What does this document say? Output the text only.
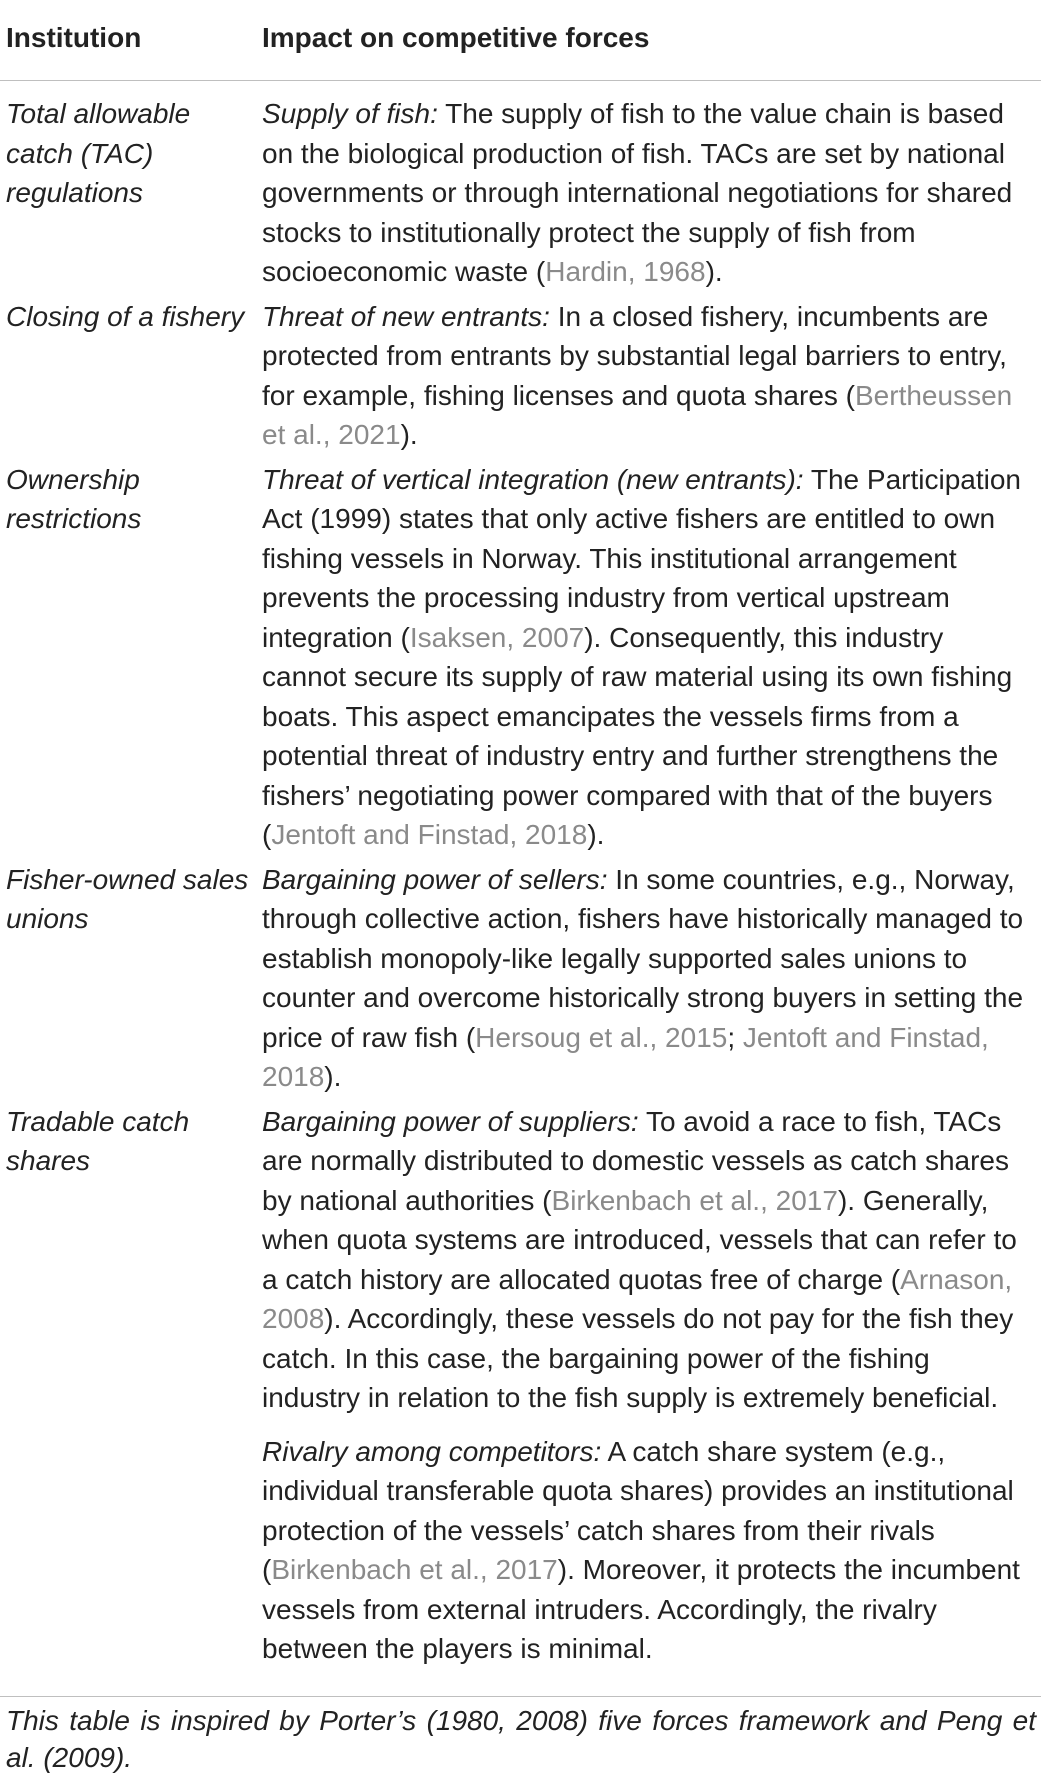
Institution	Impact on competitive forces
Total allowable catch (TAC) regulations
Supply of fish: The supply of fish to the value chain is based on the biological production of fish. TACs are set by national governments or through international negotiations for shared stocks to institutionally protect the supply of fish from socioeconomic waste (Hardin, 1968).
Closing of a fishery Threat of new entrants: In a closed fishery, incumbents are protected from entrants by substantial legal barriers to entry, for example, fishing licenses and quota shares (Bertheussen et al., 2021).
Ownership restrictions
Threat of vertical integration (new entrants): The Participation Act (1999) states that only active fishers are entitled to own fishing vessels in Norway. This institutional arrangement prevents the processing industry from vertical upstream integration (Isaksen, 2007). Consequently, this industry cannot secure its supply of raw material using its own fishing boats. This aspect emancipates the vessels firms from a potential threat of industry entry and further strengthens the fishers’ negotiating power compared with that of the buyers (Jentoft and Finstad, 2018).
Fisher-owned sales unions
Bargaining power of sellers: In some countries, e.g., Norway, through collective action, fishers have historically managed to establish monopoly-like legally supported sales unions to counter and overcome historically strong buyers in setting the price of raw fish (Hersoug et al., 2015; Jentoft and Finstad, 2018).
Tradable catch shares
Bargaining power of suppliers: To avoid a race to fish, TACs are normally distributed to domestic vessels as catch shares by national authorities (Birkenbach et al., 2017). Generally, when quota systems are introduced, vessels that can refer to a catch history are allocated quotas free of charge (Arnason, 2008). Accordingly, these vessels do not pay for the fish they catch. In this case, the bargaining power of the fishing industry in relation to the fish supply is extremely beneficial.
Rivalry among competitors: A catch share system (e.g., individual transferable quota shares) provides an institutional protection of the vessels’ catch shares from their rivals (Birkenbach et al., 2017). Moreover, it protects the incumbent vessels from external intruders. Accordingly, the rivalry between the players is minimal.
This table is inspired by Porter’s (1980, 2008) five forces framework and Peng et al. (2009).
